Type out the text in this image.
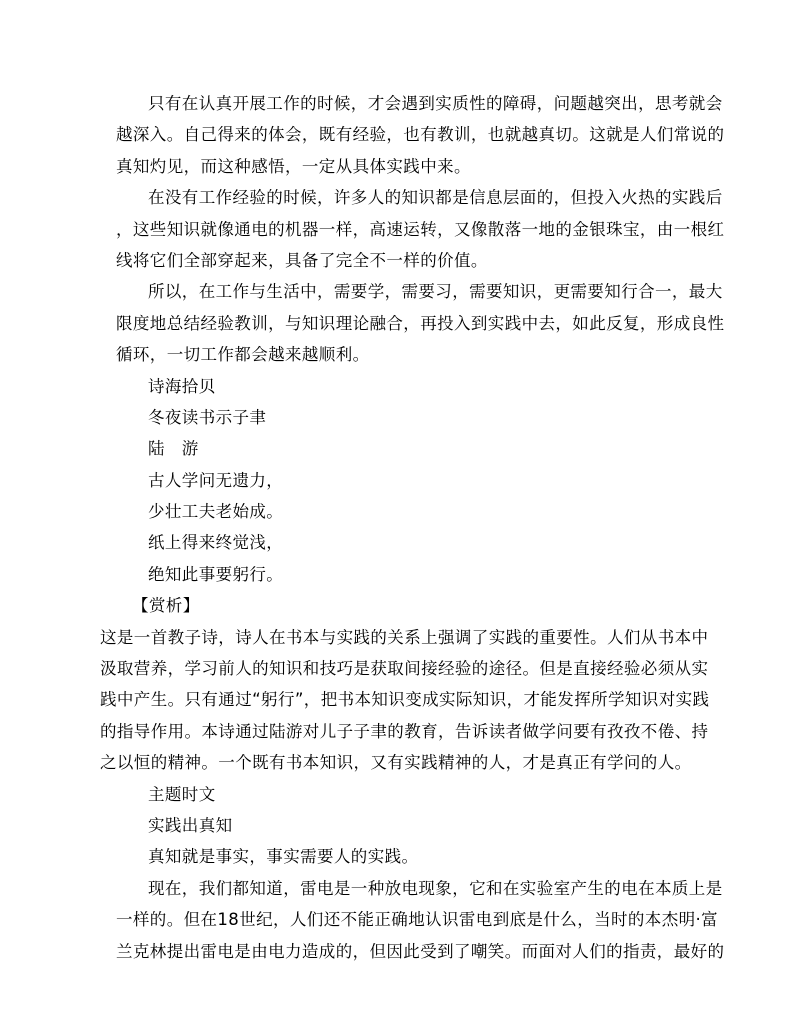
只有在认真开展工作的时候，才会遇到实质性的障碍，问题越突出，思考就会
越深入。自己得来的体会，既有经验，也有教训，也就越真切。这就是人们常说的
真知灼见，而这种感悟，一定从具体实践中来。
在没有工作经验的时候，许多人的知识都是信息层面的，但投入火热的实践后
，这些知识就像通电的机器一样，高速运转，又像散落一地的金银珠宝，由一根红
线将它们全部穿起来，具备了完全不一样的价值。
所以，在工作与生活中，需要学，需要习，需要知识，更需要知行合一，最大
限度地总结经验教训，与知识理论融合，再投入到实践中去，如此反复，形成良性
循环，一切工作都会越来越顺利。
诗海拾贝
冬夜读书示子聿
陆　游
古人学问无遗力，
少壮工夫老始成。
纸上得来终觉浅，
绝知此事要躬行。
【赏析】
这是一首教子诗，诗人在书本与实践的关系上强调了实践的重要性。人们从书本中
汲取营养，学习前人的知识和技巧是获取间接经验的途径。但是直接经验必须从实
践中产生。只有通过“躬行”，把书本知识变成实际知识，才能发挥所学知识对实践
的指导作用。本诗通过陆游对儿子子聿的教育，告诉读者做学问要有孜孜不倦、持
之以恒的精神。一个既有书本知识，又有实践精神的人，才是真正有学问的人。
主题时文
实践出真知
真知就是事实，事实需要人的实践。
现在，我们都知道，雷电是一种放电现象，它和在实验室产生的电在本质上是
一样的。但在18世纪，人们还不能正确地认识雷电到底是什么，当时的本杰明·富
兰克林提出雷电是由电力造成的，但因此受到了嘲笑。而面对人们的指责，最好的
